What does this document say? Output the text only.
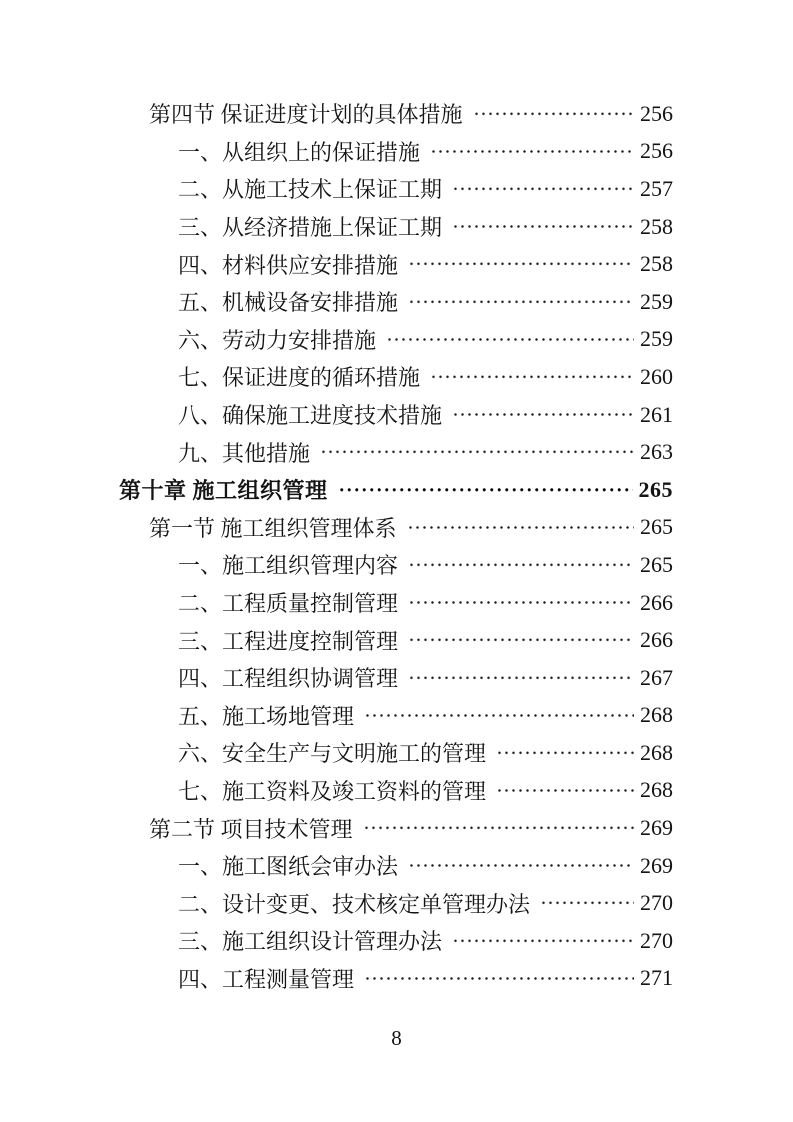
第四节 保证进度计划的具体措施	256
一、从组织上的保证措施	256
二、从施工技术上保证工期	257
三、从经济措施上保证工期	258
四、材料供应安排措施	258
五、机械设备安排措施	259
六、劳动力安排措施	259
七、保证进度的循环措施	260
八、确保施工进度技术措施	261
九、其他措施	263
第十章 施工组织管理	265
第一节 施工组织管理体系	265
一、施工组织管理内容	265
二、工程质量控制管理	266
三、工程进度控制管理	266
四、工程组织协调管理	267
五、施工场地管理	268
六、安全生产与文明施工的管理	268
七、施工资料及竣工资料的管理	268
第二节 项目技术管理	269
一、施工图纸会审办法	269
二、设计变更、技术核定单管理办法	270
三、施工组织设计管理办法	270
四、工程测量管理	271
8
